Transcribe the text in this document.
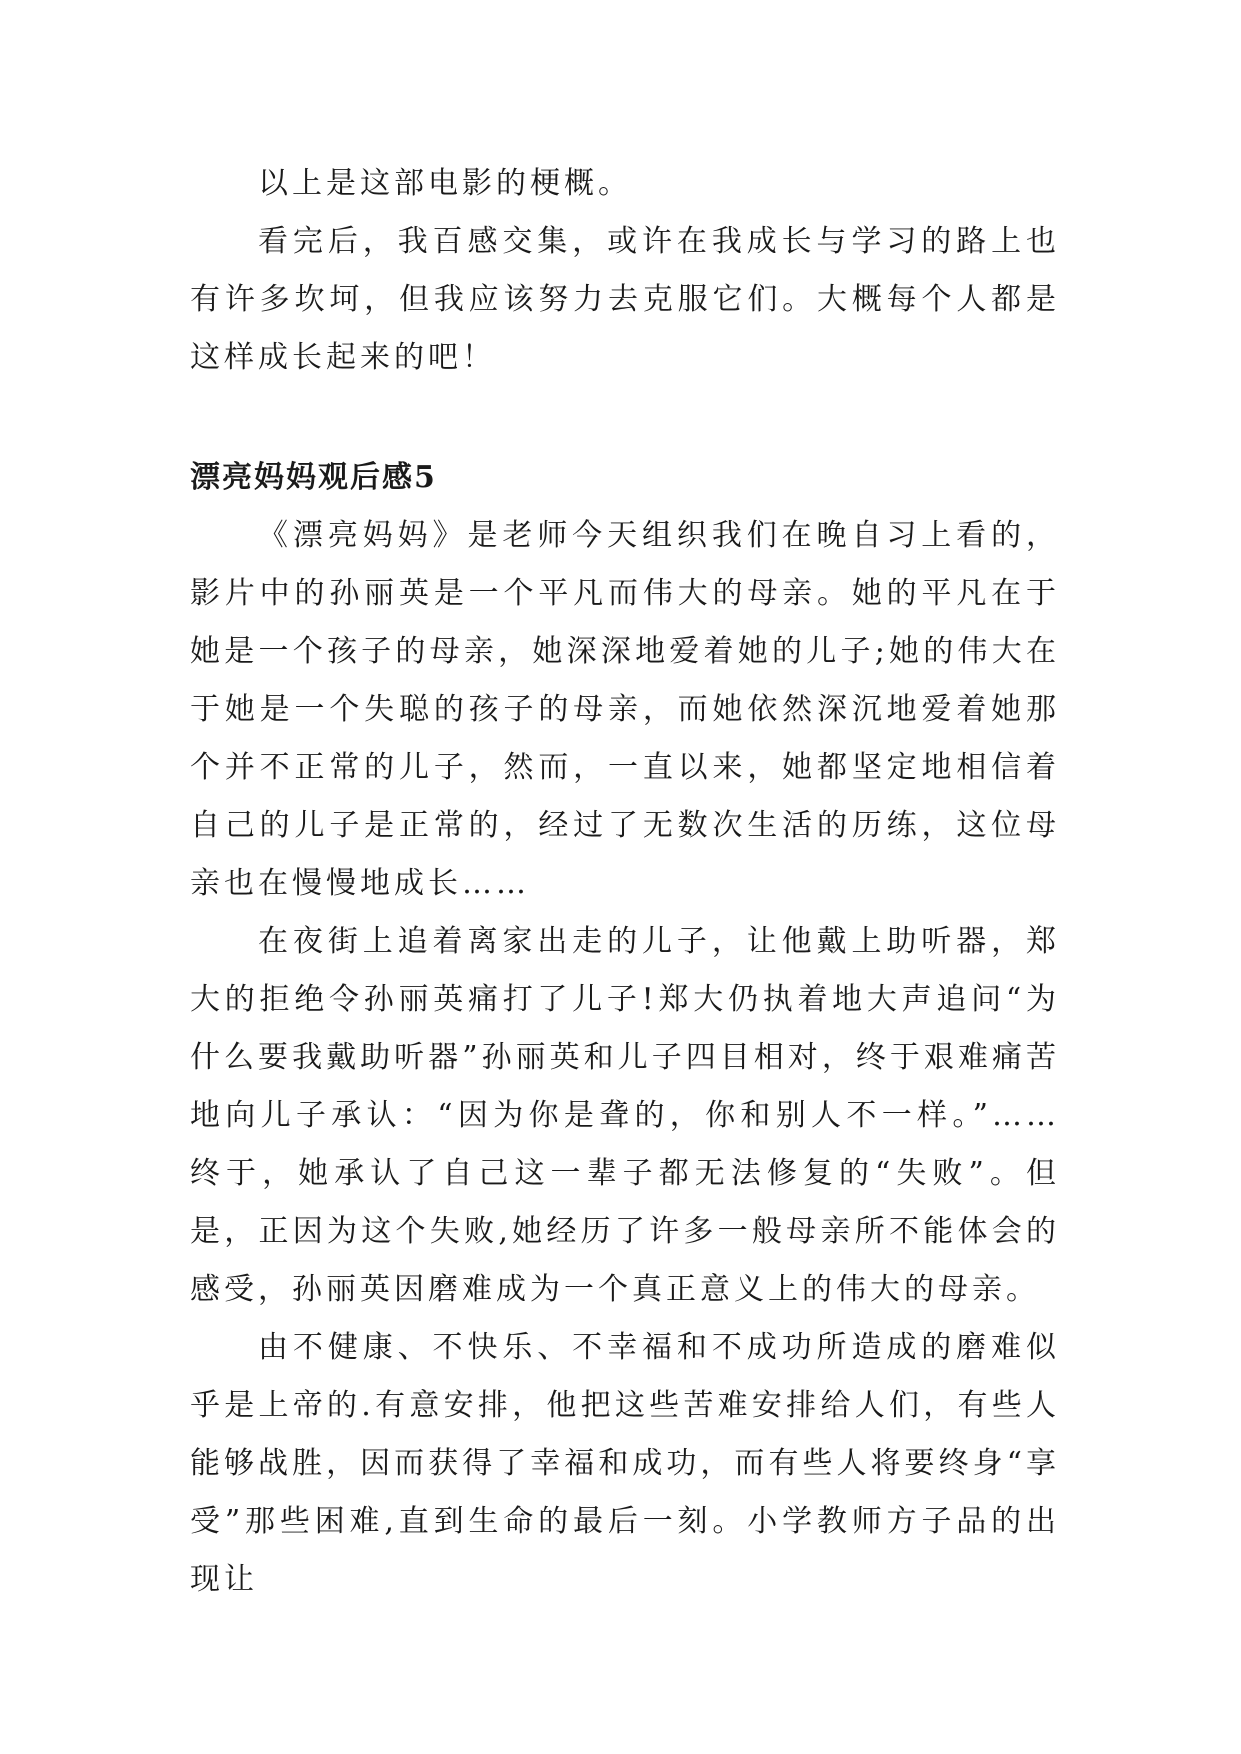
以上是这部电影的梗概。

看完后，我百感交集，或许在我成长与学习的路上也有许多坎坷，但我应该努力去克服它们。大概每个人都是这样成长起来的吧！

漂亮妈妈观后感5

《漂亮妈妈》是老师今天组织我们在晚自习上看的，影片中的孙丽英是一个平凡而伟大的母亲。她的平凡在于她是一个孩子的母亲，她深深地爱着她的儿子;她的伟大在于她是一个失聪的孩子的母亲，而她依然深沉地爱着她那个并不正常的儿子，然而，一直以来，她都坚定地相信着自己的儿子是正常的，经过了无数次生活的历练，这位母亲也在慢慢地成长……

在夜街上追着离家出走的儿子，让他戴上助听器，郑大的拒绝令孙丽英痛打了儿子!郑大仍执着地大声追问“为什么要我戴助听器”孙丽英和儿子四目相对，终于艰难痛苦地向儿子承认：“因为你是聋的，你和别人不一样。”……终于，她承认了自己这一辈子都无法修复的“失败”。但是，正因为这个失败,她经历了许多一般母亲所不能体会的感受，孙丽英因磨难成为一个真正意义上的伟大的母亲。

由不健康、不快乐、不幸福和不成功所造成的磨难似乎是上帝的.有意安排，他把这些苦难安排给人们，有些人能够战胜，因而获得了幸福和成功，而有些人将要终身“享受”那些困难,直到生命的最后一刻。小学教师方子品的出现让
